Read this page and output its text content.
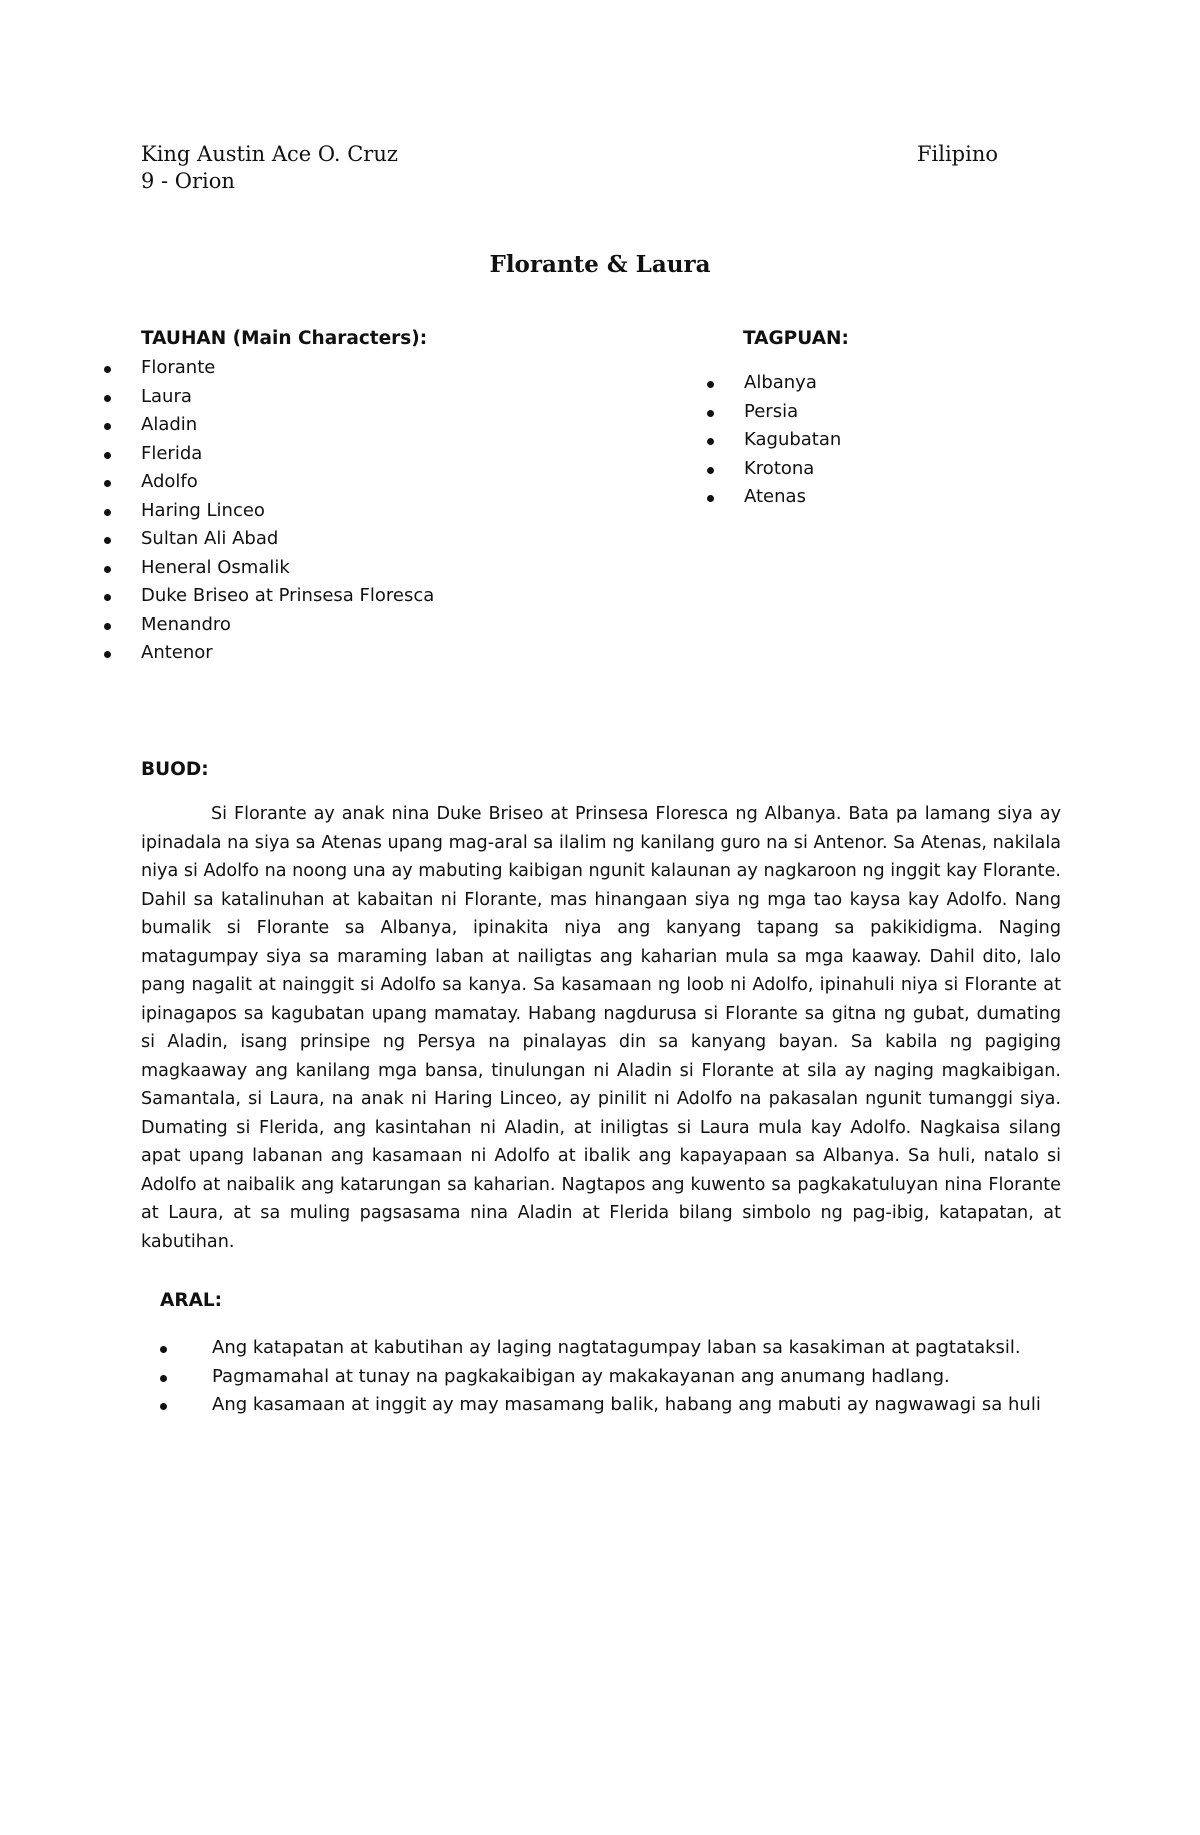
King Austin Ace O. Cruz
9 - Orion
Filipino
Florante & Laura
TAUHAN (Main Characters):
Florante
Laura
Aladin
Flerida
Adolfo
Haring Linceo
Sultan Ali Abad
Heneral Osmalik
Duke Briseo at Prinsesa Floresca
Menandro
Antenor
TAGPUAN:
Albanya
Persia
Kagubatan
Krotona
Atenas
BUOD:

Si Florante ay anak nina Duke Briseo at Prinsesa Floresca ng Albanya. Bata pa lamang siya ay ipinadala na siya sa Atenas upang mag-aral sa ilalim ng kanilang guro na si Antenor. Sa Atenas, nakilala niya si Adolfo na noong una ay mabuting kaibigan ngunit kalaunan ay nagkaroon ng inggit kay Florante. Dahil sa katalinuhan at kabaitan ni Florante, mas hinangaan siya ng mga tao kaysa kay Adolfo. Nang bumalik si Florante sa Albanya, ipinakita niya ang kanyang tapang sa pakikidigma. Naging matagumpay siya sa maraming laban at nailigtas ang kaharian mula sa mga kaaway. Dahil dito, lalo pang nagalit at nainggit si Adolfo sa kanya. Sa kasamaan ng loob ni Adolfo, ipinahuli niya si Florante at ipinagapos sa kagubatan upang mamatay. Habang nagdurusa si Florante sa gitna ng gubat, dumating si Aladin, isang prinsipe ng Persya na pinalayas din sa kanyang bayan. Sa kabila ng pagiging magkaaway ang kanilang mga bansa, tinulungan ni Aladin si Florante at sila ay naging magkaibigan. Samantala, si Laura, na anak ni Haring Linceo, ay pinilit ni Adolfo na pakasalan ngunit tumanggi siya. Dumating si Flerida, ang kasintahan ni Aladin, at iniligtas si Laura mula kay Adolfo. Nagkaisa silang apat upang labanan ang kasamaan ni Adolfo at ibalik ang kapayapaan sa Albanya. Sa huli, natalo si Adolfo at naibalik ang katarungan sa kaharian. Nagtapos ang kuwento sa pagkakatuluyan nina Florante at Laura, at sa muling pagsasama nina Aladin at Flerida bilang simbolo ng pag-ibig, katapatan, at kabutihan.

ARAL:
Ang katapatan at kabutihan ay laging nagtatagumpay laban sa kasakiman at pagtataksil.
Pagmamahal at tunay na pagkakaibigan ay makakayanan ang anumang hadlang.
Ang kasamaan at inggit ay may masamang balik, habang ang mabuti ay nagwawagi sa huli
